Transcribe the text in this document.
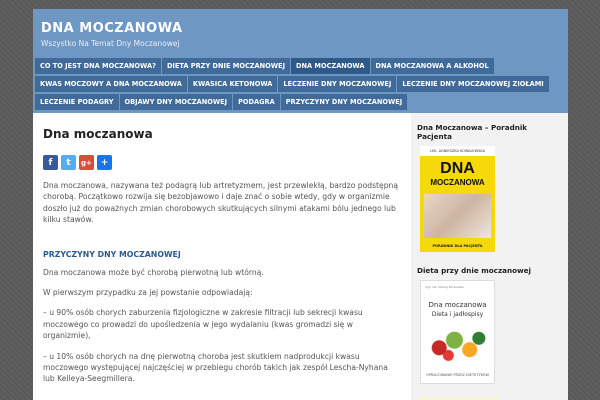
DNA MOCZANOWA
Wszystko Na Temat Dny Moczanowej
CO TO JEST DNA MOCZANOWA?	DIETA PRZY DNIE MOCZANOWEJ	DNA MOCZANOWA	DNA MOCZANOWA A ALKOHOL
KWAS MOCZOWY A DNA MOCZANOWA	KWASICA KETONOWA	LECZENIE DNY MOCZANOWEJ	LECZENIE DNY MOCZANOWEJ ZIOŁAMI
LECZENIE PODAGRY	OBJAWY DNY MOCZANOWEJ	PODAGRA	PRZYCZYNY DNY MOCZANOWEJ
Dna moczanowa
f	t	g+ +

Dna moczanowa, nazywana też podagrą lub artretyzmem, jest przewlekłą, bardzo podstępną chorobą. Początkowo rozwija się bezobjawowo i daje znać o sobie wtedy, gdy w organizmie doszło już do poważnych zmian chorobowych skutkujących silnymi atakami bólu jednego lub kilku stawów.

PRZYCZYNY DNY MOCZANOWEJ

Dna moczanowa może być chorobą pierwotną lub wtórną.

W pierwszym przypadku za jej powstanie odpowiadają:

– u 90% osób chorych zaburzenia fizjologiczne w zakresie filtracji lub sekrecji kwasu moczowego co prowadzi do upośledzenia w jego wydalaniu (kwas gromadzi się w organizmie),

– u 10% osób chorych na dnę pierwotną choroba jest skutkiem nadprodukcji kwasu moczowego występującej najczęściej w przebiegu chorób takich jak zespół Lescha-Nyhana lub Kelleya-Seegmillera.

Dna Moczanowa – Poradnik Pacjenta
LEK. AGNIESZKA KOWALEWSKA
DNA
MOCZANOWA
PORADNIK DLA PACJENTA
Dieta przy dnie moczanowej
mgr inż. Maciej Borkowski
Dna moczanowa
Dieta i jadłospisy
OPRACOWANIE PRZEZ DIETETYKÓW
